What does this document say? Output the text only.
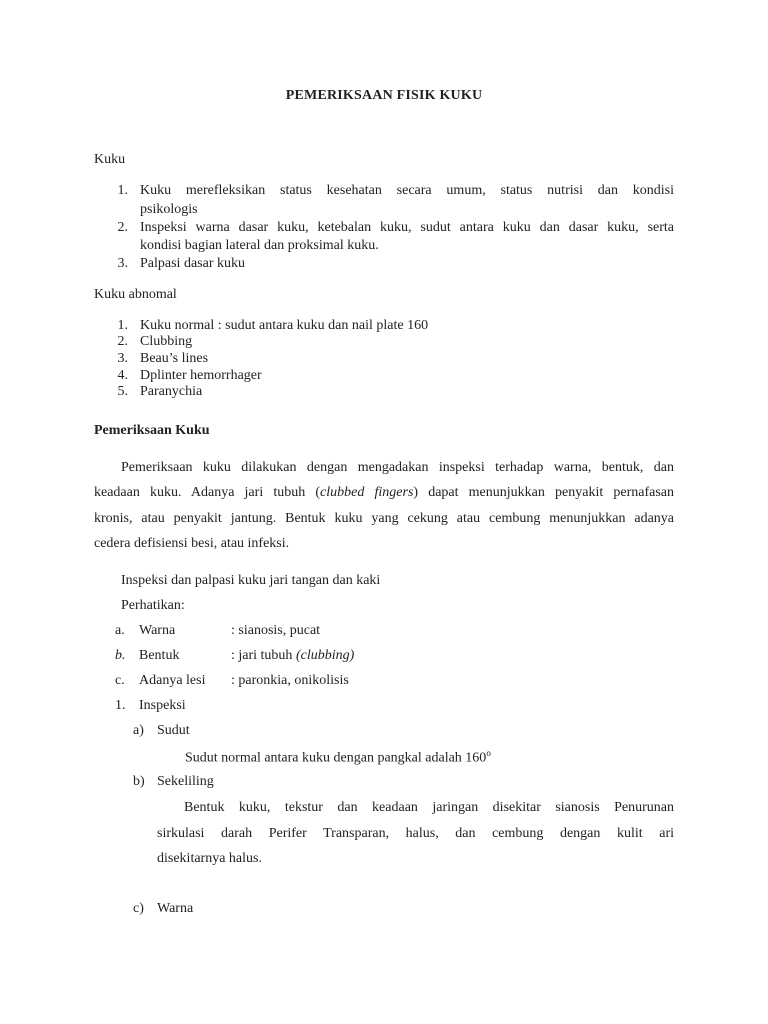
PEMERIKSAAN FISIK KUKU
Kuku
1. Kuku merefleksikan status kesehatan secara umum, status nutrisi dan kondisi
psikologis
2. Inspeksi warna dasar kuku, ketebalan kuku, sudut antara kuku dan dasar kuku, serta
kondisi bagian lateral dan proksimal kuku.
3. Palpasi dasar kuku
Kuku abnomal
1. Kuku normal : sudut antara kuku dan nail plate 160
2. Clubbing
3. Beau’s lines
4. Dplinter hemorrhager
5. Paranychia
Pemeriksaan Kuku
Pemeriksaan kuku dilakukan dengan mengadakan inspeksi terhadap warna, bentuk, dan
keadaan kuku. Adanya jari tubuh (clubbed fingers) dapat menunjukkan penyakit pernafasan
kronis, atau penyakit jantung. Bentuk kuku yang cekung atau cembung menunjukkan adanya
cedera defisiensi besi, atau infeksi.
Inspeksi dan palpasi kuku jari tangan dan kaki
Perhatikan:
a. Warna	: sianosis, pucat
b. Bentuk	: jari tubuh (clubbing)
c. Adanya lesi : paronkia, onikolisis
1. Inspeksi
a) Sudut
Sudut normal antara kuku dengan pangkal adalah 160$^o$
b) Sekeliling
Bentuk kuku, tekstur dan keadaan jaringan disekitar sianosis Penurunan
sirkulasi darah Perifer Transparan, halus, dan cembung dengan kulit ari
disekitarnya halus.
c) Warna
